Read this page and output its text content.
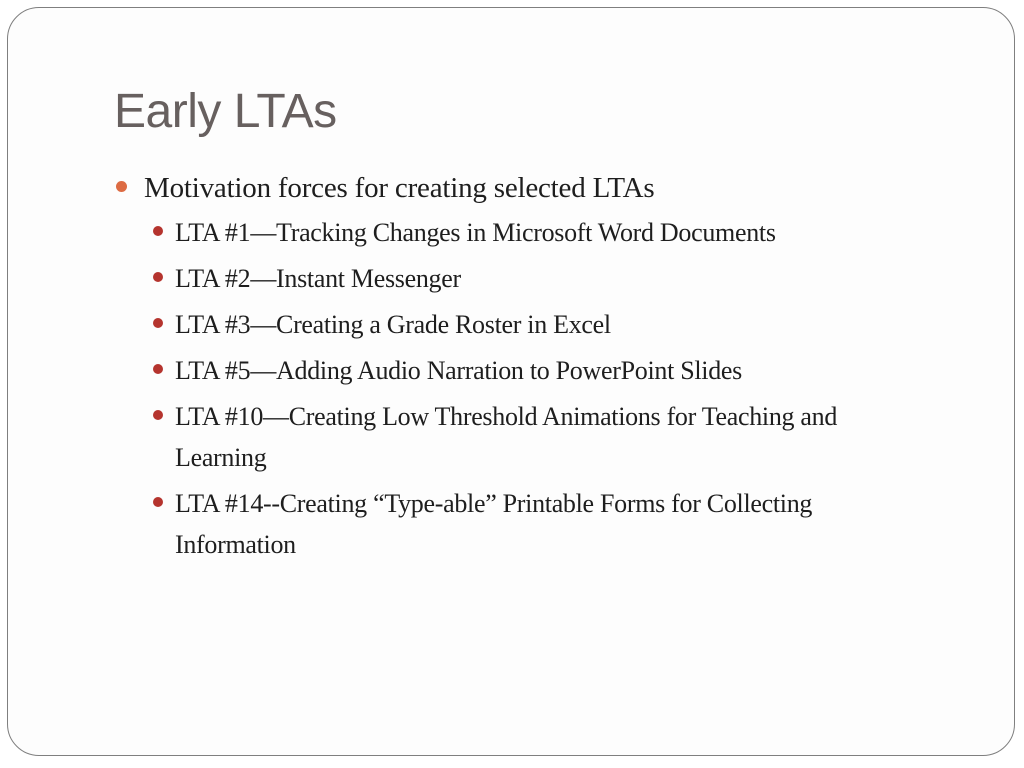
Early LTAs
Motivation forces for creating selected LTAs
LTA #1—Tracking Changes in Microsoft Word Documents
LTA #2—Instant Messenger
LTA #3—Creating a Grade Roster in Excel
LTA #5—Adding Audio Narration to PowerPoint Slides
LTA #10—Creating Low Threshold Animations for Teaching and Learning
LTA #14--Creating “Type-able” Printable Forms for Collecting Information
